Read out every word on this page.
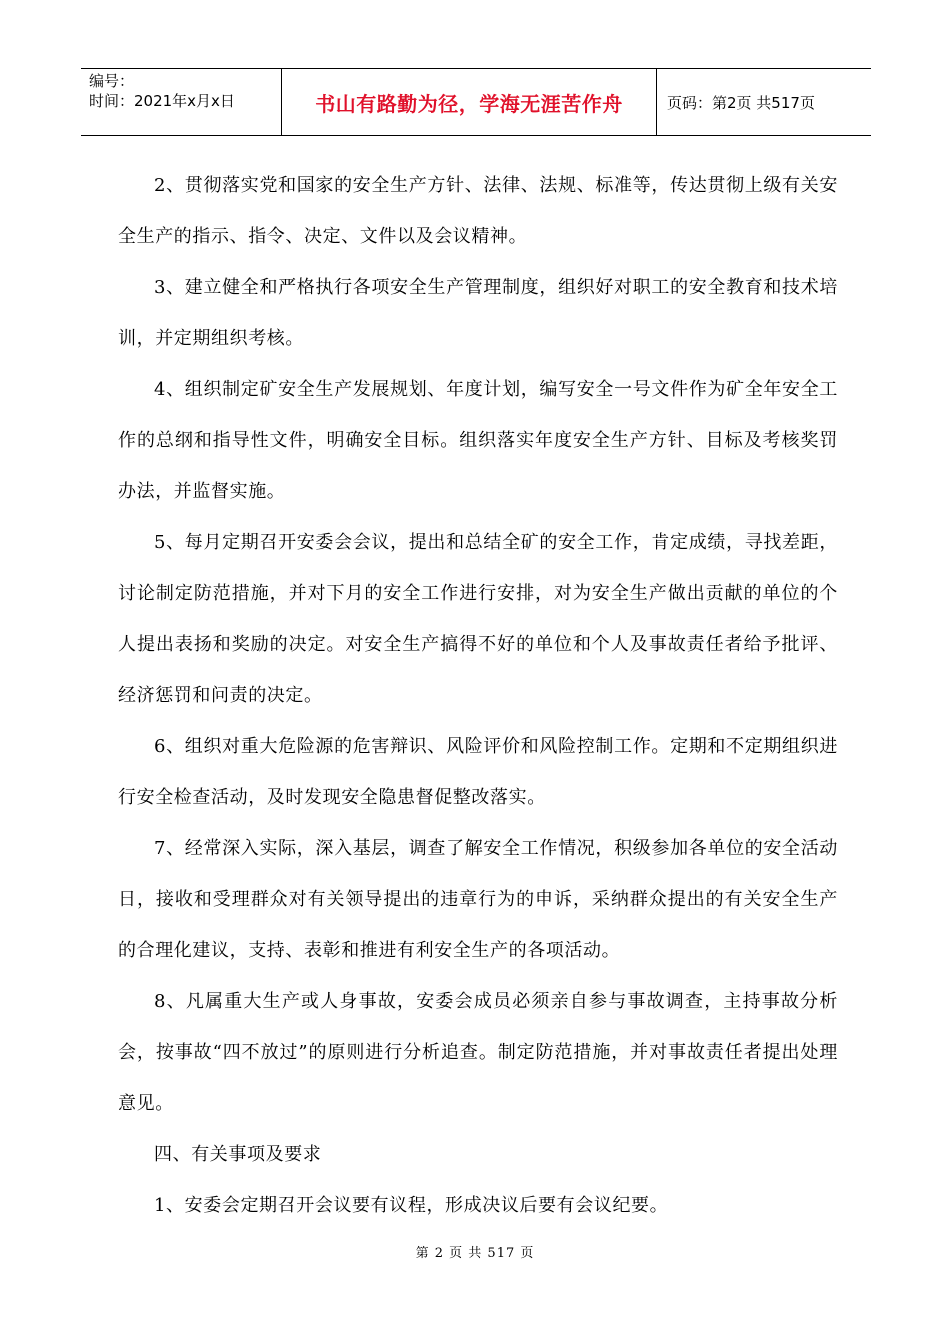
编号：
时间：2021年x月x日	书山有路勤为径，学海无涯苦作舟	页码：第2页 共517页

2、贯彻落实党和国家的安全生产方针、法律、法规、标准等，传达贯彻上级有关安全生产的指示、指令、决定、文件以及会议精神。

3、建立健全和严格执行各项安全生产管理制度，组织好对职工的安全教育和技术培训，并定期组织考核。

4、组织制定矿安全生产发展规划、年度计划，编写安全一号文件作为矿全年安全工作的总纲和指导性文件，明确安全目标。组织落实年度安全生产方针、目标及考核奖罚办法，并监督实施。

5、每月定期召开安委会会议，提出和总结全矿的安全工作，肯定成绩，寻找差距，讨论制定防范措施，并对下月的安全工作进行安排，对为安全生产做出贡献的单位的个人提出表扬和奖励的决定。对安全生产搞得不好的单位和个人及事故责任者给予批评、经济惩罚和问责的决定。

6、组织对重大危险源的危害辩识、风险评价和风险控制工作。定期和不定期组织进行安全检查活动，及时发现安全隐患督促整改落实。

7、经常深入实际，深入基层，调查了解安全工作情况，积级参加各单位的安全活动日，接收和受理群众对有关领导提出的违章行为的申诉，采纳群众提出的有关安全生产的合理化建议，支持、表彰和推进有利安全生产的各项活动。

8、凡属重大生产或人身事故，安委会成员必须亲自参与事故调查，主持事故分析会，按事故“四不放过”的原则进行分析追查。制定防范措施，并对事故责任者提出处理意见。

四、有关事项及要求

1、安委会定期召开会议要有议程，形成决议后要有会议纪要。

第 2 页 共 517 页
